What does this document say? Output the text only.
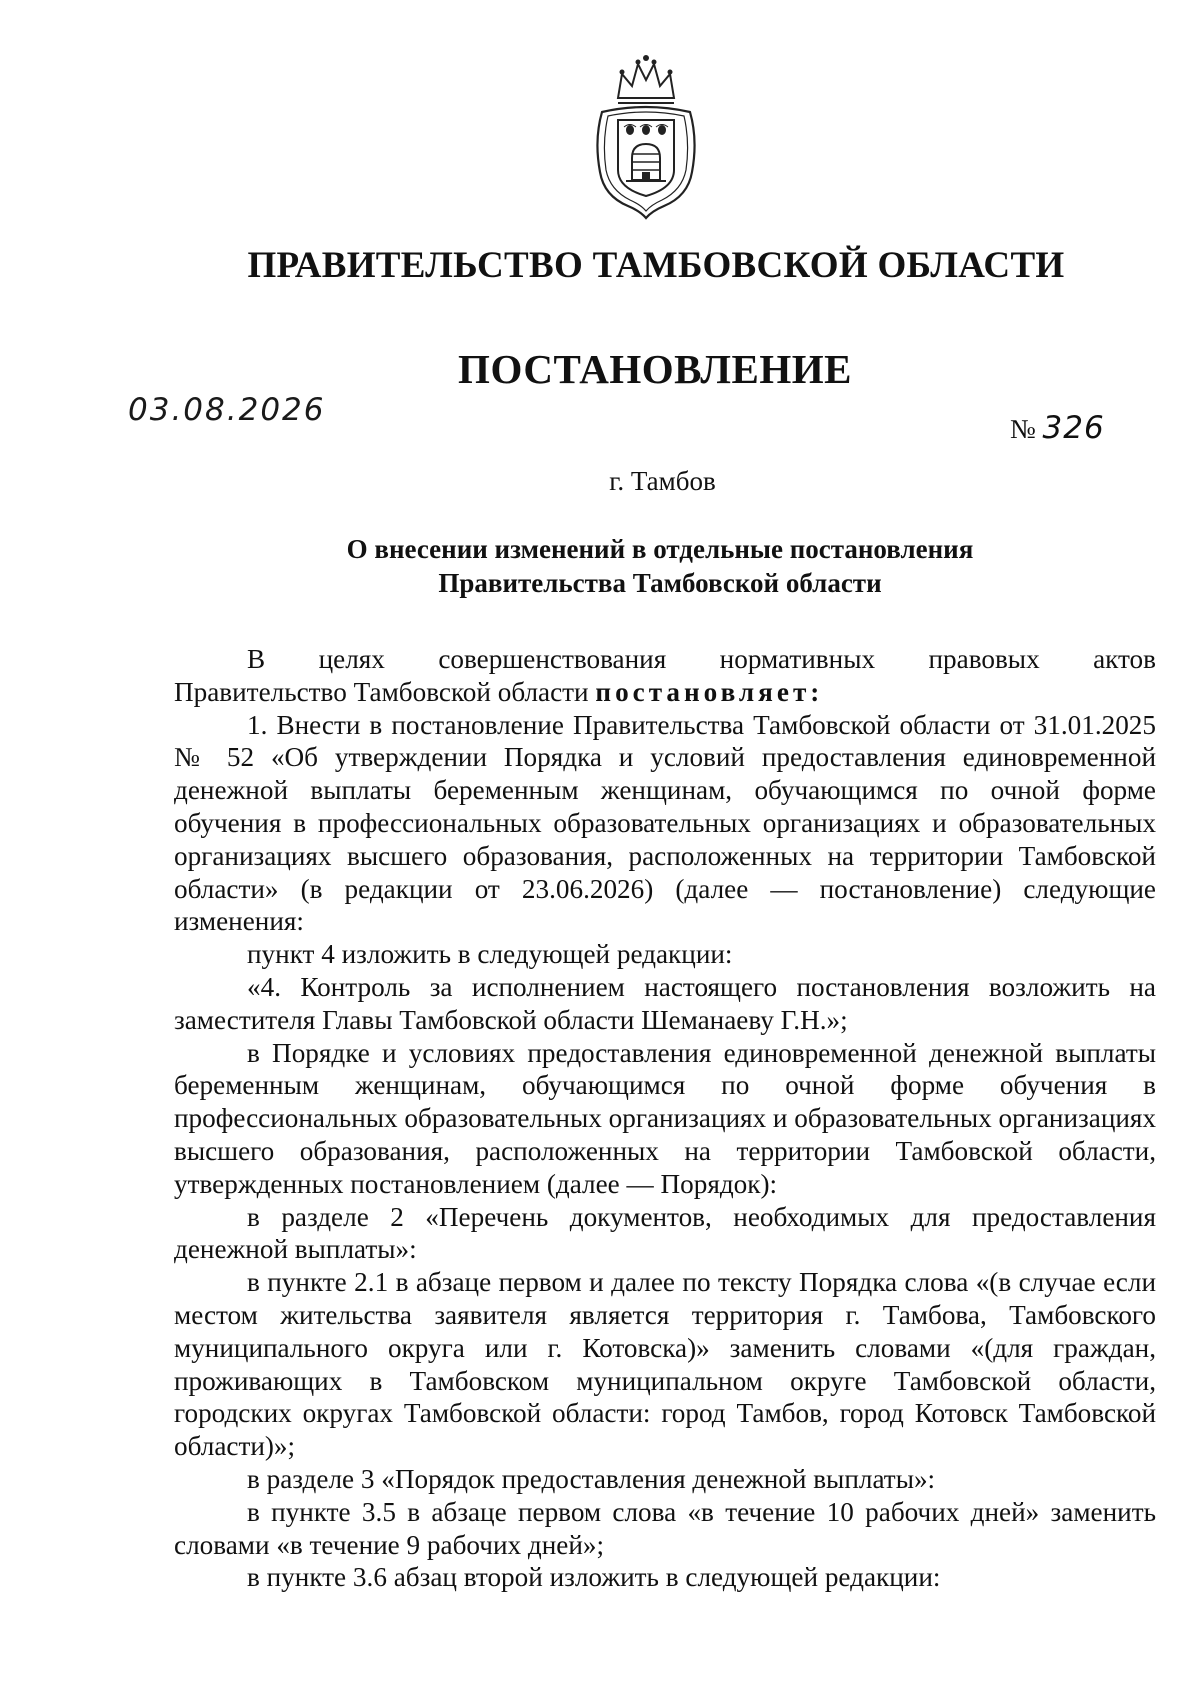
ПРАВИТЕЛЬСТВО ТАМБОВСКОЙ ОБЛАСТИ
ПОСТАНОВЛЕНИЕ
03.08.2026
№ 326
г. Тамбов
О внесении изменений в отдельные постановления
Правительства Тамбовской области

В целях совершенствования нормативных правовых актов

Правительство Тамбовской области постановляет:

1. Внести в постановление Правительства Тамбовской области от 31.01.2025 № 52 «Об утверждении Порядка и условий предоставления единовременной денежной выплаты беременным женщинам, обучающимся по очной форме обучения в профессиональных образовательных организациях и образовательных организациях высшего образования, расположенных на территории Тамбовской области» (в редакции от 23.06.2026) (далее — постановление) следующие изменения:

пункт 4 изложить в следующей редакции:

«4. Контроль за исполнением настоящего постановления возложить на заместителя Главы Тамбовской области Шеманаеву Г.Н.»;

в Порядке и условиях предоставления единовременной денежной выплаты беременным женщинам, обучающимся по очной форме обучения в профессиональных образовательных организациях и образовательных организациях высшего образования, расположенных на территории Тамбовской области, утвержденных постановлением (далее — Порядок):

в разделе 2 «Перечень документов, необходимых для предоставления денежной выплаты»:

в пункте 2.1 в абзаце первом и далее по тексту Порядка слова «(в случае если местом жительства заявителя является территория г. Тамбова, Тамбовского муниципального округа или г. Котовска)» заменить словами «(для граждан, проживающих в Тамбовском муниципальном округе Тамбовской области, городских округах Тамбовской области: город Тамбов, город Котовск Тамбовской области)»;

в разделе 3 «Порядок предоставления денежной выплаты»:

в пункте 3.5 в абзаце первом слова «в течение 10 рабочих дней» заменить словами «в течение 9 рабочих дней»;

в пункте 3.6 абзац второй изложить в следующей редакции:
